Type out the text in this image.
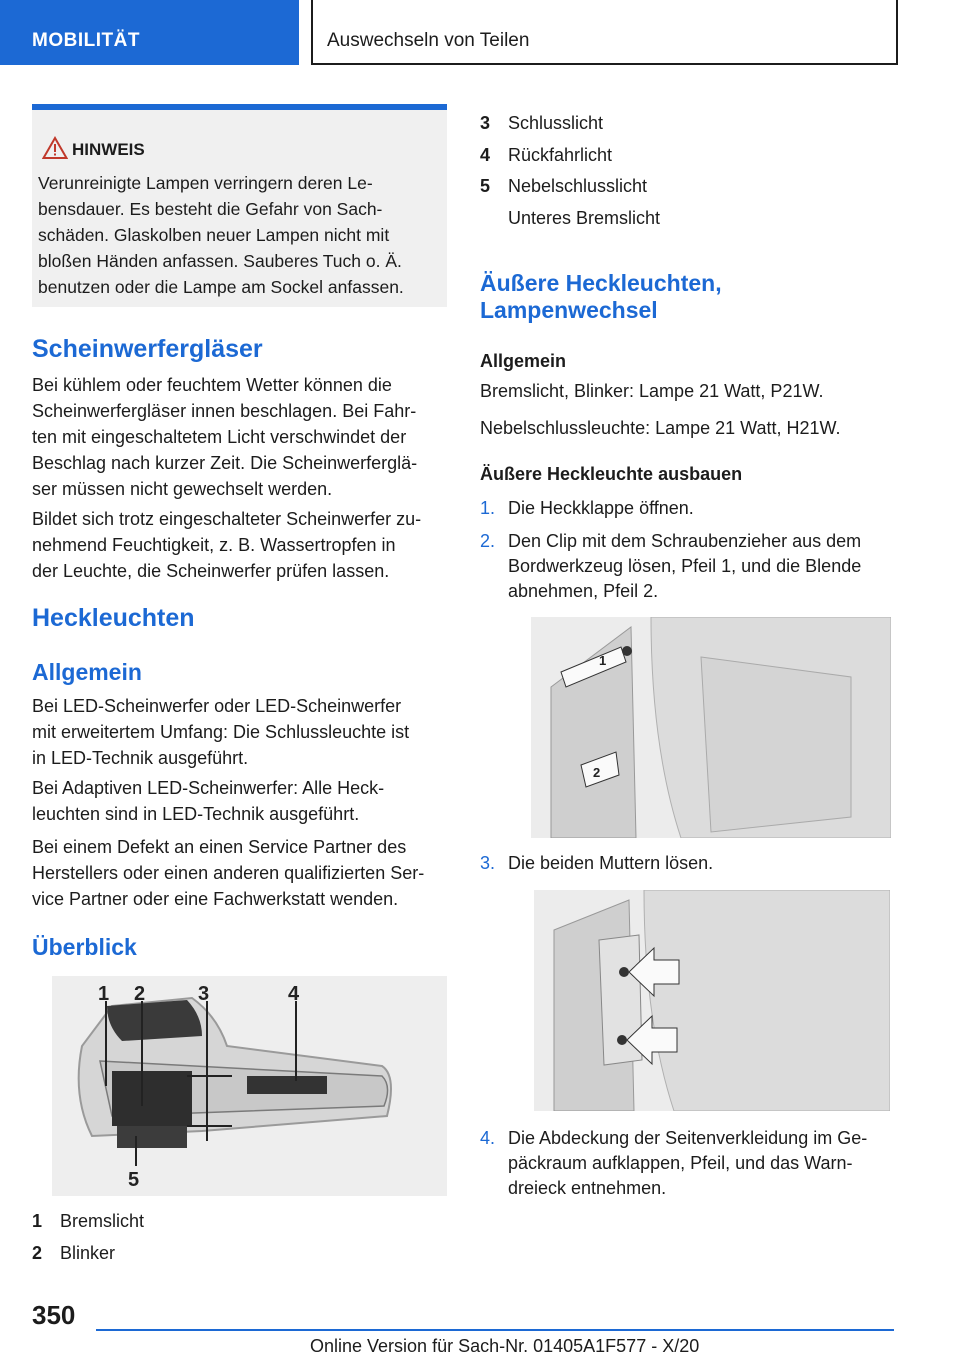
MOBILITÄT	Auswechseln von Teilen
HINWEIS
Verunreinigte Lampen verringern deren Le-
bensdauer. Es besteht die Gefahr von Sach-
schäden. Glaskolben neuer Lampen nicht mit
bloßen Händen anfassen. Sauberes Tuch o. Ä.
benutzen oder die Lampe am Sockel anfassen.
Scheinwerfergläser

Bei kühlem oder feuchtem Wetter können die
Scheinwerfergläser innen beschlagen. Bei Fahr-
ten mit eingeschaltetem Licht verschwindet der
Beschlag nach kurzer Zeit. Die Scheinwerferglä-
ser müssen nicht gewechselt werden.

Bildet sich trotz eingeschalteter Scheinwerfer zu-
nehmend Feuchtigkeit, z. B. Wassertropfen in
der Leuchte, die Scheinwerfer prüfen lassen.

Heckleuchten
Allgemein

Bei LED-Scheinwerfer oder LED-Scheinwerfer
mit erweitertem Umfang: Die Schlussleuchte ist
in LED-Technik ausgeführt.

Bei Adaptiven LED-Scheinwerfer: Alle Heck-
leuchten sind in LED-Technik ausgeführt.

Bei einem Defekt an einen Service Partner des
Herstellers oder einen anderen qualifizierten Ser-
vice Partner oder eine Fachwerkstatt wenden.

Überblick
1 2	3	4
5
1 Bremslicht
2 Blinker
3 Schlusslicht
4 Rückfahrlicht
5 Nebelschlusslicht
Unteres Bremslicht
Äußere Heckleuchten,
Lampenwechsel
Allgemein

Bremslicht, Blinker: Lampe 21 Watt, P21W.

Nebelschlussleuchte: Lampe 21 Watt, H21W.

Äußere Heckleuchte ausbauen
1. Die Heckklappe öffnen.
2. Den Clip mit dem Schraubenzieher aus dem
Bordwerkzeug lösen, Pfeil 1, und die Blende
abnehmen, Pfeil 2.
1
2
3. Die beiden Muttern lösen.
4. Die Abdeckung der Seitenverkleidung im Ge-
päckraum aufklappen, Pfeil, und das Warn-
dreieck entnehmen.
350
Online Version für Sach-Nr. 01405A1F577 - X/20
